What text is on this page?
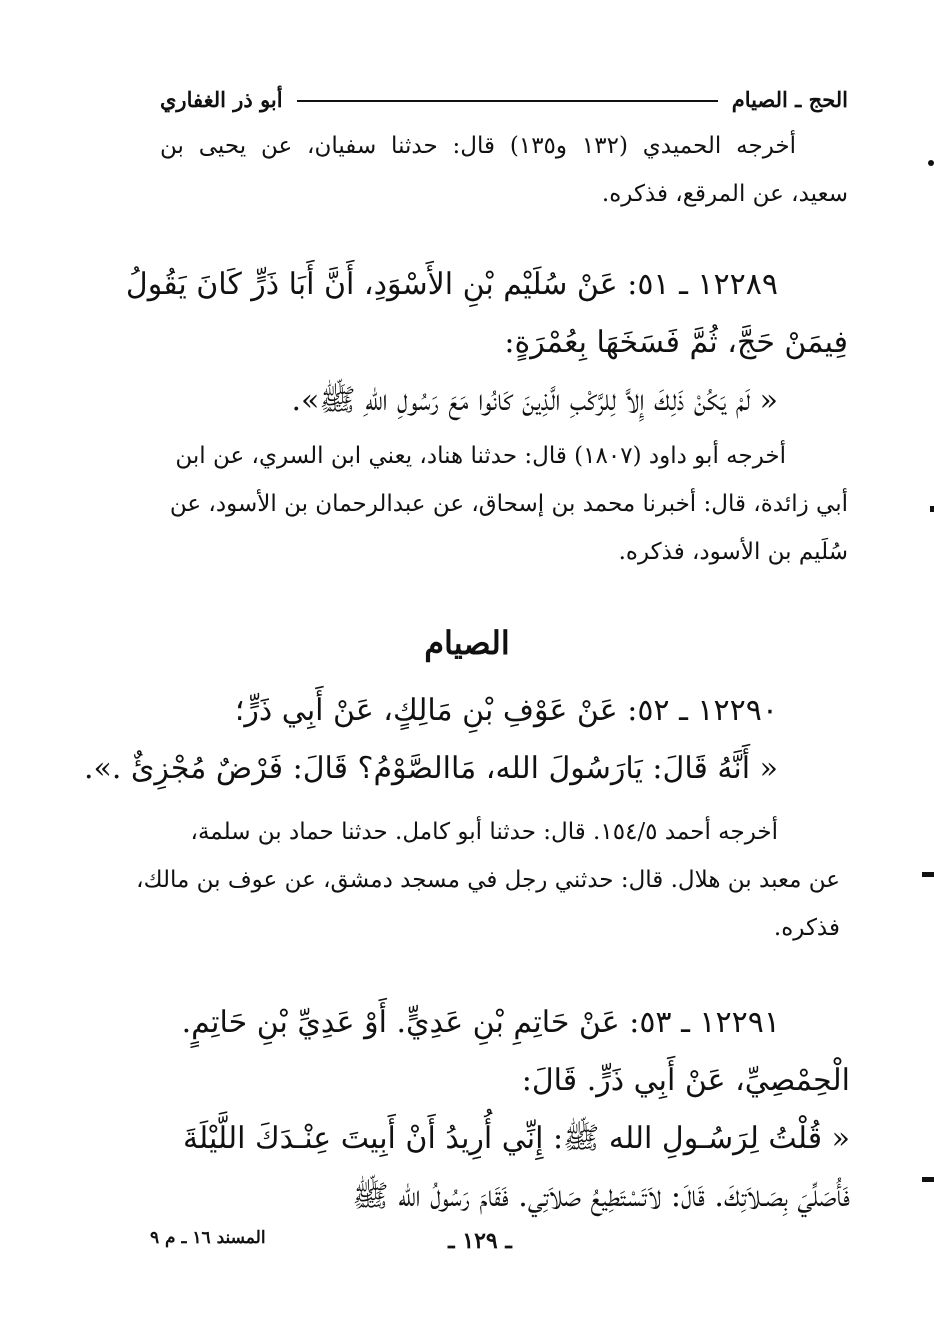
الحج ـ الصيام
أبو ذر الغفاري
أخرجه الحميدي (١٣٢ و١٣٥) قال: حدثنا سفيان، عن يحيى بن
سعيد، عن المرقع، فذكره.
١٢٢٨٩ ـ ٥١: عَنْ سُلَيْم بْنِ الأَسْوَدِ، أَنَّ أَبَا ذَرٍّ كَانَ يَقُولُ
فِيمَنْ حَجَّ، ثُمَّ فَسَخَهَا بِعُمْرَةٍ:
« لَمْ يَكُنْ ذَلِكَ إِلاَّ لِلرَّكْبِ الَّذِينَ كَانُوا مَعَ رَسُولِ اللهِ ﷺ».
أخرجه أبو داود (١٨٠٧) قال: حدثنا هناد، يعني ابن السري، عن ابن
أبي زائدة، قال: أخبرنا محمد بن إسحاق، عن عبدالرحمان بن الأسود، عن
سُلَيم بن الأسود، فذكره.
الصيام
١٢٢٩٠ ـ ٥٢: عَنْ عَوْفِ بْنِ مَالِكٍ، عَنْ أَبِي ذَرٍّ؛
« أَنَّهُ قَالَ: يَارَسُولَ الله، مَاالصَّوْمُ؟ قَالَ: فَرْضٌ مُجْزِئٌ .».
أخرجه أحمد ١٥٤/٥. قال: حدثنا أبو كامل. حدثنا حماد بن سلمة،
عن معبد بن هلال. قال: حدثني رجل في مسجد دمشق، عن عوف بن مالك،
فذكره.
١٢٢٩١ ـ ٥٣: عَنْ حَاتِمِ بْنِ عَدِيٍّ. أَوْ عَدِيِّ بْنِ حَاتِمٍ.
الْحِمْصِيِّ، عَنْ أَبِي ذَرٍّ. قَالَ:
« قُلْتُ لِرَسُـولِ الله ﷺ: إِنِّي أُرِيدُ أَنْ أَبِيتَ عِنْـدَكَ اللَّيْلَةَ
فَأُصَلِّيَ بِصَـلاَتِكَ. قَالَ: لاَتَسْتَطِيعُ صَلاَتِي. فَقَامَ رَسُولُ الله ﷺ
المسند ١٦ ـ م ٩	ـ ١٢٩ ـ
